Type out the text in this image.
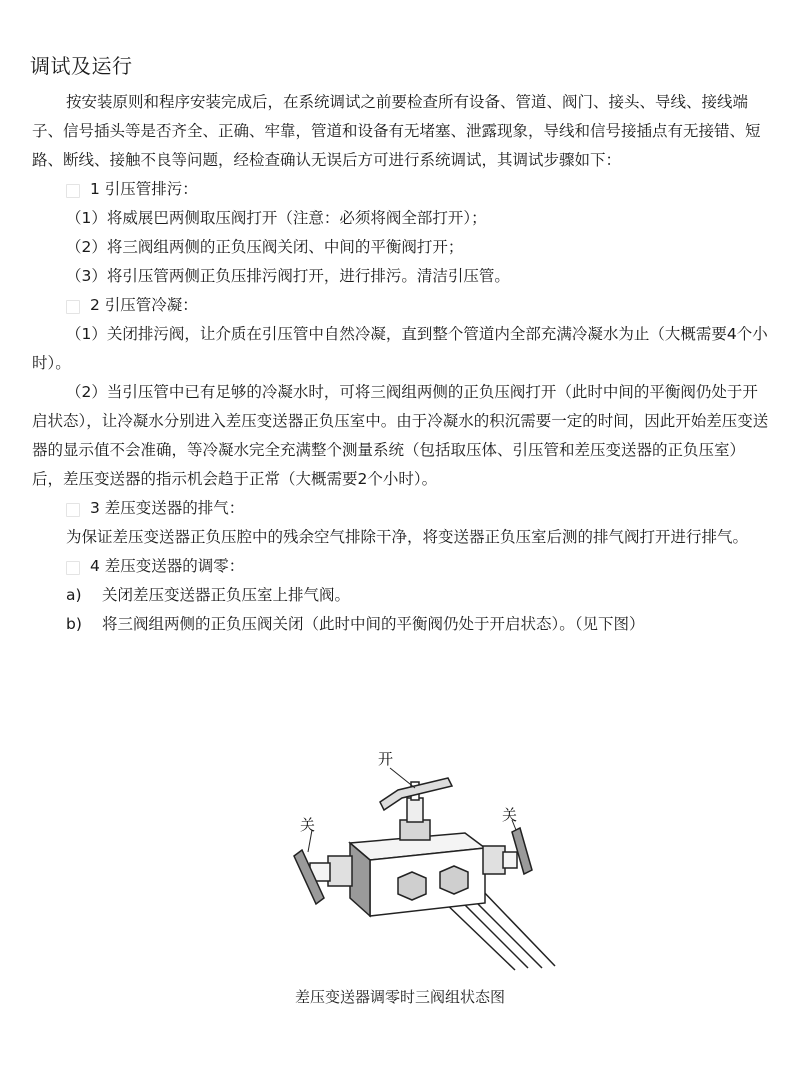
调试及运行

按安装原则和程序安装完成后，在系统调试之前要检查所有设备、管道、阀门、接头、导线、接线端子、信号插头等是否齐全、正确、牢靠，管道和设备有无堵塞、泄露现象，导线和信号接插点有无接错、短路、断线、接触不良等问题，经检查确认无误后方可进行系统调试，其调试步骤如下：

1 引压管排污：

（1）将威展巴两侧取压阀打开（注意：必须将阀全部打开）；

（2）将三阀组两侧的正负压阀关闭、中间的平衡阀打开；

（3）将引压管两侧正负压排污阀打开，进行排污。清洁引压管。

2 引压管冷凝：

（1）关闭排污阀，让介质在引压管中自然冷凝，直到整个管道内全部充满冷凝水为止（大概需要4个小时）。

（2）当引压管中已有足够的冷凝水时，可将三阀组两侧的正负压阀打开（此时中间的平衡阀仍处于开启状态），让冷凝水分别进入差压变送器正负压室中。由于冷凝水的积沉需要一定的时间，因此开始差压变送器的显示值不会准确，等冷凝水完全充满整个测量系统（包括取压体、引压管和差压变送器的正负压室）后，差压变送器的指示机会趋于正常（大概需要2个小时）。

3 差压变送器的排气：

为保证差压变送器正负压腔中的残余空气排除干净，将变送器正负压室后测的排气阀打开进行排气。

4 差压变送器的调零：

a) 关闭差压变送器正负压室上排气阀。

b) 将三阀组两侧的正负压阀关闭（此时中间的平衡阀仍处于开启状态）。（见下图）

开
关
关
差压变送器调零时三阀组状态图
